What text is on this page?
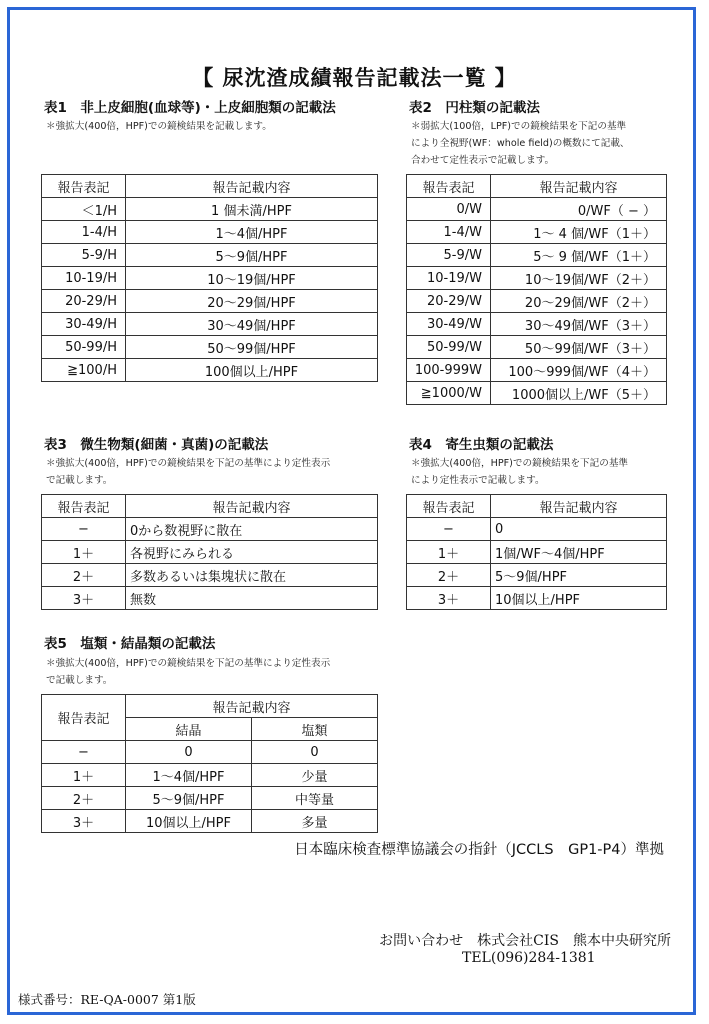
【 尿沈渣成績報告記載法一覧 】
表1　非上皮細胞(血球等)・上皮細胞類の記載法
＊強拡大(400倍，HPF)での鏡検結果を記載します。
報告表記	報告記載内容
＜1/H	1 個未満/HPF
1-4/H	1～4個/HPF
5-9/H	5～9個/HPF
10-19/H	10～19個/HPF
20-29/H	20～29個/HPF
30-49/H	30～49個/HPF
50-99/H	50～99個/HPF
≧100/H	100個以上/HPF
表2　円柱類の記載法
＊弱拡大(100倍，LPF)での鏡検結果を下記の基準
により全視野(WF：whole field)の概数にて記載、
合わせて定性表示で記載します。
報告表記	報告記載内容
0/W	0/WF（ − ）
1-4/W	1～ 4 個/WF（1＋）
5-9/W	5～ 9 個/WF（1＋）
10-19/W	10～19個/WF（2＋）
20-29/W	20～29個/WF（2＋）
30-49/W	30～49個/WF（3＋）
50-99/W	50～99個/WF（3＋）
100-999W	100～999個/WF（4＋）
≧1000/W	1000個以上/WF（5＋）
表3　微生物類(細菌・真菌)の記載法
＊強拡大(400倍，HPF)での鏡検結果を下記の基準により定性表示
で記載します。
報告表記	報告記載内容
−	0から数視野に散在
1＋	各視野にみられる
2＋	多数あるいは集塊状に散在
3＋	無数
表4　寄生虫類の記載法
＊強拡大(400倍，HPF)での鏡検結果を下記の基準
により定性表示で記載します。
報告表記	報告記載内容
−	0
1＋	1個/WF～4個/HPF
2＋	5～9個/HPF
3＋	10個以上/HPF
表5　塩類・結晶類の記載法
＊強拡大(400倍，HPF)での鏡検結果を下記の基準により定性表示
で記載します。
報告表記	報告記載内容	
	結晶	塩類
−	0	0
1＋	1～4個/HPF	少量
2＋	5～9個/HPF	中等量
3＋	10個以上/HPF	多量
日本臨床検査標準協議会の指針（JCCLS　GP1-P4）準拠
お問い合わせ　株式会社CIS　熊本中央研究所
TEL(096)284-1381
様式番号：RE-QA-0007 第1版
